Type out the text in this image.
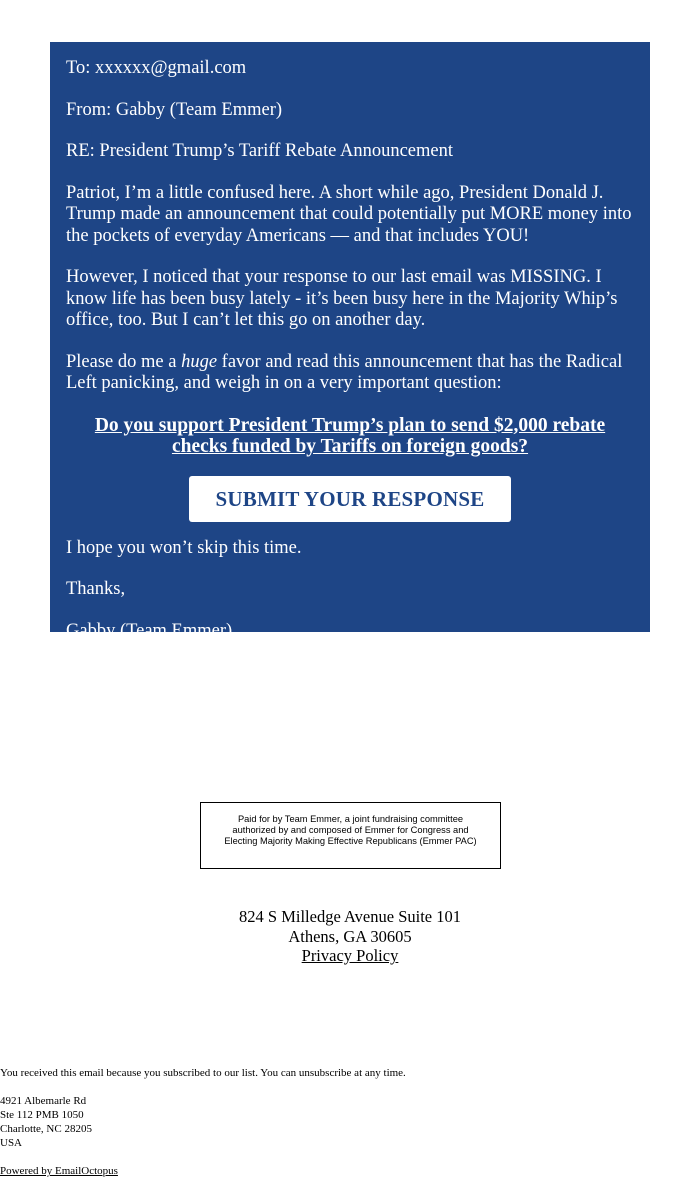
To: xxxxxx@gmail.com

From: Gabby (Team Emmer)

RE: President Trump’s Tariff Rebate Announcement

Patriot, I’m a little confused here. A short while ago, President Donald J. Trump made an announcement that could potentially put MORE money into the pockets of everyday Americans — and that includes YOU!

However, I noticed that your response to our last email was MISSING. I know life has been busy lately - it’s been busy here in the Majority Whip’s office, too. But I can’t let this go on another day.

Please do me a huge favor and read this announcement that has the Radical Left panicking, and weigh in on a very important question:

Do you support President Trump’s plan to send $2,000 rebate checks funded by Tariffs on foreign goods?
SUBMIT YOUR RESPONSE

I hope you won’t skip this time.

Thanks,

Gabby (Team Emmer)

Paid for by Team Emmer, a joint fundraising committee authorized by and composed of Emmer for Congress and Electing Majority Making Effective Republicans (Emmer PAC)
824 S Milledge Avenue Suite 101
Athens, GA 30605
Privacy Policy

You received this email because you subscribed to our list. You can unsubscribe at any time.

4921 Albemarle Rd

Ste 112 PMB 1050

Charlotte, NC 28205

USA

Powered by EmailOctopus
